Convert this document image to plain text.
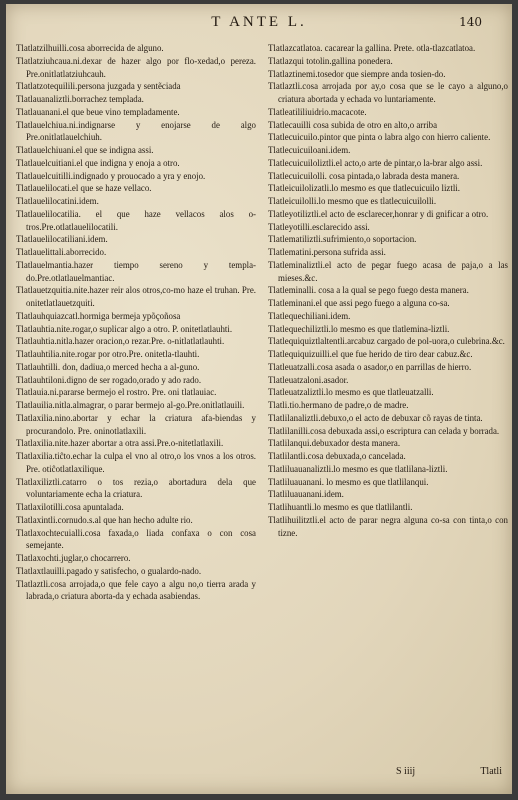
T ANTE L.	140

Tlatlatzilhuilli.cosa aborrecida de alguno.

Tlatlatziuhcaua.ni.dexar de hazer algo por flo-xedad,o pereza. Pre.onitlatlatziuhcauh.

Tlatlatzotequilili.persona juzgada y sentẽciada

Tlatlauanaliztli.borrachez templada.

Tlatlauanani.el que beue vino templadamente.

Tlatlauelchiua.ni.indignarse y enojarse de algo Pre.onitlatlauelchiuh.

Tlatlauelchiuani.el que se indigna assi.

Tlatlauelcuitiani.el que indigna y enoja a otro.

Tlatlauelcuitilli.indignado y prouocado a yra y enojo.

Tlatlauelilocati.el que se haze vellaco.

Tlatlauelilocatini.idem.

Tlatlauelilocatilia. el que haze vellacos alos o-tros.Pre.otlatlauelilocatili.

Tlatlauelilocatiliani.idem.

Tlatlauelittali.aborrecido.

Tlatlauelmantia.hazer tiempo sereno y templa-do.Pre.otlatlauelmantiac.

Tlatlauetzquitia.nite.hazer reir alos otros,co-mo haze el truhan. Pre. onitetlatlauetzquiti.

Tlatlauhquiazcatl.hormiga bermeja ypõçoñosa

Tlatlauhtia.nite.rogar,o suplicar algo a otro. P. onitetlatlauhti.

Tlatlauhtia.nitla.hazer oracion,o rezar.Pre. o-nitlatlatlauhti.

Tlatlauhtilia.nite.rogar por otro.Pre. onitetla-tlauhti.

Tlatlauhtilli. don, dadiua,o merced hecha a al-guno.

Tlatlauhtiloni.digno de ser rogado,orado y ado rado.

Tlatlauia.ni.pararse bermejo el rostro. Pre. oni tlatlauiac.

Tlatlauilia.nitla.almagrar, o parar bermejo al-go.Pre.onitlatlauili.

Tlatlaxilia.nino.abortar y echar la criatura afa-biendas y procurandolo. Pre. oninotlatlaxili.

Tlatlaxilia.nite.hazer abortar a otra assi.Pre.o-nitetlatlaxili.

Tlatlaxilia.tiĉto.echar la culpa el vno al otro,o los vnos a los otros. Pre. otiĉotlatlaxilique.

Tlatlaxiliztli.catarro o tos rezia,o abortadura dela que voluntariamente echa la criatura.

Tlatlaxilotilli.cosa apuntalada.

Tlatlaxintli.cornudo.s.al que han hecho adulte rio.

Tlatlaxochtecuialli.cosa faxada,o liada confaxa o con cosa semejante.

Tlatlaxochti.juglar,o chocarrero.

Tlatlaxtlauilli.pagado y satisfecho, o gualardo-nado.

Tlatlaztli.cosa arrojada,o que fele cayo a algu no,o tierra arada y labrada,o criatura aborta-da y echada asabiendas.

Tlatlazcatlatoa. cacarear la gallina. Prete. otla-tlazcatlatoa.

Tlatlazqui totolin.gallina ponedera.

Tlatlaztinemi.tosedor que siempre anda tosien-do.

Tlatlaztli.cosa arrojada por ay,o cosa que se le cayo a alguno,o criatura abortada y echada vo luntariamente.

Tlatleatililiuidrio.macacote.

Tlatlecauilli cosa subida de otro en alto,o arriba

Tlatlecuicuilo.pintor que pinta o labra algo con hierro caliente.

Tlatlecuicuiloani.idem.

Tlatlecuicuiloliztli.el acto,o arte de pintar,o la-brar algo assi.

Tlatlecuicuilolli. cosa pintada,o labrada desta manera.

Tlatleicuilolizatli.lo mesmo es que tlatlecuicuilo liztli.

Tlatleicuilolli.lo mesmo que es tlatlecuicuilolli.

Tlatleyotiliztli.el acto de esclarecer,honrar y di gnificar a otro.

Tlatleyotilli.esclarecido assi.

Tlatlematiliztli.sufrimiento,o soportacion.

Tlatlematini.persona sufrida assi.

Tlatleminaliztli.el acto de pegar fuego acasa de paja,o a las mieses.&c.

Tlatleminalli. cosa a la qual se pego fuego desta manera.

Tlatleminani.el que assi pego fuego a alguna co-sa.

Tlatlequechiliani.idem.

Tlatlequechiliztli.lo mesmo es que tlatlemina-liztli.

Tlatlequiquiztlaltentli.arcabuz cargado de pol-uora,o culebrina.&c.

Tlatlequiquizuilli.el que fue herido de tiro dear cabuz.&c.

Tlatleuatzalli.cosa asada o asador,o en parrillas de hierro.

Tlatleuatzaloni.asador.

Tlatleuatzaliztli.lo mesmo es que tlatleuatzalli.

Tlatli.tio.hermano de padre,o de madre.

Tlatlilanaliztli.debuxo,o el acto de debuxar cõ rayas de tinta.

Tlatlilanilli.cosa debuxada assi,o escriptura can celada y borrada.

Tlatlilanqui.debuxador desta manera.

Tlatlilantli.cosa debuxada,o cancelada.

Tlatliluauanaliztli.lo mesmo es que tlatlilana-liztli.

Tlatliluauanani. lo mesmo es que tlatlilanqui.

Tlatliluauanani.idem.

Tlatlihuantli.lo mesmo es que tlatlilantli.

Tlatlihuilitztli.el acto de parar negra alguna co-sa con tinta,o con tizne.

S iiij	Tlatli
